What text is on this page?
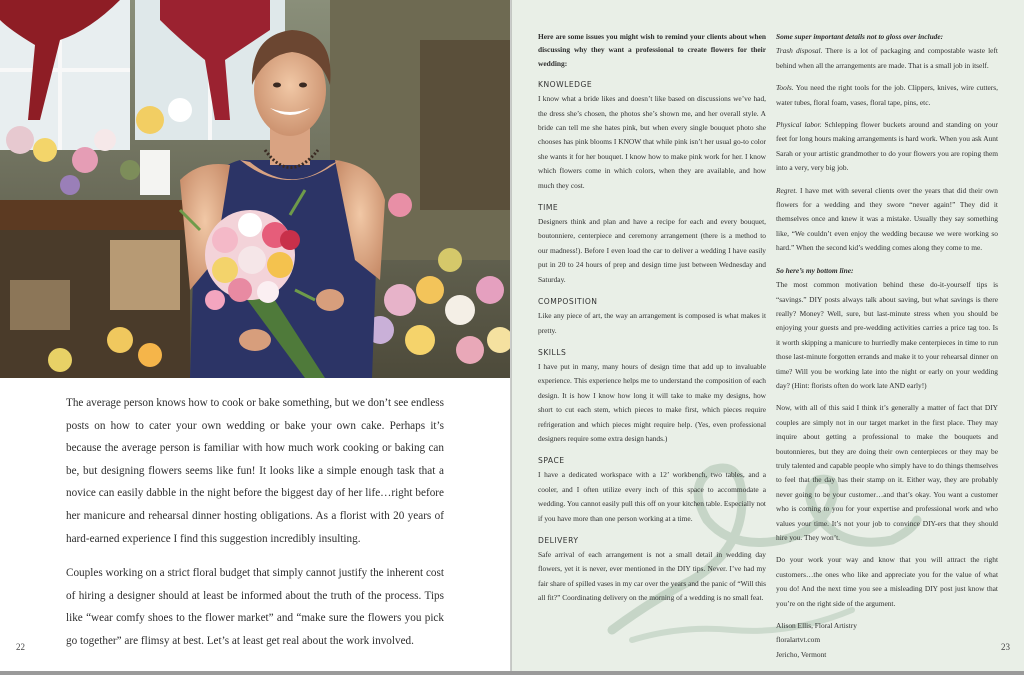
The average person knows how to cook or bake something, but we don’t see endless posts on how to cater your own wedding or bake your own cake. Perhaps it’s because the average person is familiar with how much work cooking or baking can be, but designing flowers seems like fun! It looks like a simple enough task that a novice can easily dabble in the night before the biggest day of her life…right before her manicure and rehearsal dinner hosting obligations. As a florist with 20 years of hard-earned experience I find this suggestion incredibly insulting.

Couples working on a strict floral budget that simply cannot justify the inherent cost of hiring a designer should at least be informed about the truth of the process. Tips like “wear comfy shoes to the flower market” and “make sure the flowers you pick go together” are flimsy at best. Let’s at least get real about the work involved.

22

Here are some issues you might wish to remind your clients about when discussing why they want a professional to create flowers for their wedding:

KNOWLEDGE

I know what a bride likes and doesn’t like based on discussions we’ve had, the dress she’s chosen, the photos she’s shown me, and her overall style. A bride can tell me she hates pink, but when every single bouquet photo she chooses has pink blooms I KNOW that while pink isn’t her usual go-to color she wants it for her bouquet. I know how to make pink work for her. I know which flowers come in which colors, when they are available, and how much they cost.

TIME

Designers think and plan and have a recipe for each and every bouquet, boutonniere, centerpiece and ceremony arrangement (there is a method to our madness!). Before I even load the car to deliver a wedding I have easily put in 20 to 24 hours of prep and design time just between Wednesday and Saturday.

COMPOSITION

Like any piece of art, the way an arrangement is composed is what makes it pretty.

SKILLS

I have put in many, many hours of design time that add up to invaluable experience. This experience helps me to understand the composition of each design. It is how I know how long it will take to make my designs, how short to cut each stem, which pieces to make first, which pieces require refrigeration and which pieces might require help. (Yes, even professional designers require some extra design hands.)

SPACE

I have a dedicated workspace with a 12’ workbench, two tables, and a cooler, and I often utilize every inch of this space to accommodate a wedding. You cannot easily pull this off on your kitchen table. Especially not if you have more than one person working at a time.

DELIVERY

Safe arrival of each arrangement is not a small detail in wedding day flowers, yet it is never, ever mentioned in the DIY tips. Never. I’ve had my fair share of spilled vases in my car over the years and the panic of “Will this all fit?” Coordinating delivery on the morning of a wedding is no small feat.

Some super important details not to gloss over include:

Trash disposal. There is a lot of packaging and compostable waste left behind when all the arrangements are made. That is a small job in itself.

Tools. You need the right tools for the job. Clippers, knives, wire cutters, water tubes, floral foam, vases, floral tape, pins, etc.

Physical labor. Schlepping flower buckets around and standing on your feet for long hours making arrangements is hard work. When you ask Aunt Sarah or your artistic grandmother to do your flowers you are roping them into a very, very big job.

Regret. I have met with several clients over the years that did their own flowers for a wedding and they swore “never again!” They did it themselves once and knew it was a mistake. Usually they say something like, “We couldn’t even enjoy the wedding because we were working so hard.” When the second kid’s wedding comes along they come to me.

So here’s my bottom line:

The most common motivation behind these do-it-yourself tips is “savings.” DIY posts always talk about saving, but what savings is there really? Money? Well, sure, but last-minute stress when you should be enjoying your guests and pre-wedding activities carries a price tag too. Is it worth skipping a manicure to hurriedly make centerpieces in time to run those last-minute forgotten errands and make it to your rehearsal dinner on time? Will you be working late into the night or early on your wedding day? (Hint: florists often do work late AND early!)

Now, with all of this said I think it’s generally a matter of fact that DIY couples are simply not in our target market in the first place. They may inquire about getting a professional to make the bouquets and boutonnieres, but they are doing their own centerpieces or they may be truly talented and capable people who simply have to do things themselves to feel that the day has their stamp on it. Either way, they are probably never going to be your customer…and that’s okay. You want a customer who is coming to you for your expertise and professional work and who values your time. It’s not your job to convince DIY-ers that they should hire you. They won’t.

Do your work your way and know that you will attract the right customers…the ones who like and appreciate you for the value of what you do! And the next time you see a misleading DIY post just know that you’re on the right side of the argument.

Alison Ellis, Floral Artistry

floralartvt.com

Jericho, Vermont

23
